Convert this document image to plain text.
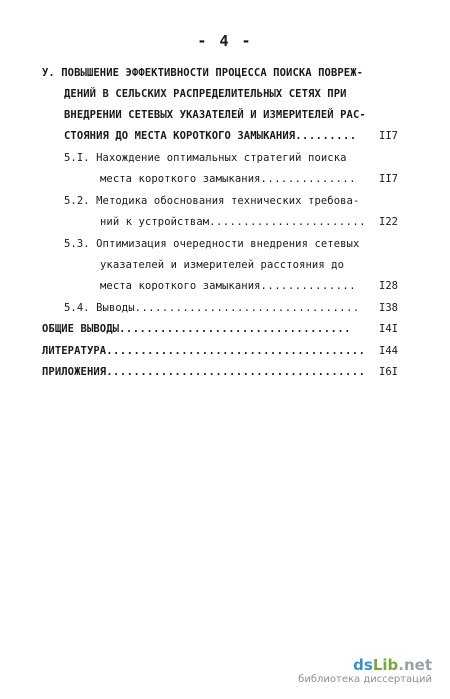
- 4 -
У. ПОВЫШЕНИЕ ЭФФЕКТИВНОСТИ ПРОЦЕССА ПОИСКА ПОВРЕЖ-
ДЕНИЙ В СЕЛЬСКИХ РАСПРЕДЕЛИТЕЛЬНЫХ СЕТЯХ ПРИ
ВНЕДРЕНИИ СЕТЕВЫХ УКАЗАТЕЛЕЙ И ИЗМЕРИТЕЛЕЙ РАС-
СТОЯНИЯ ДО МЕСТА КОРОТКОГО ЗАМЫКАНИЯ.........	II7
5.I. Нахождение оптимальных стратегий поиска
места короткого замыкания..............	II7
5.2. Методика обоснования технических требова-
ний к устройствам.......................	I22
5.3. Оптимизация очередности внедрения сетевых
указателей и измерителей расстояния до
места короткого замыкания..............	I28
5.4. Выводы.................................	I38
ОБЩИЕ ВЫВОДЫ..................................	I4I
ЛИТЕРАТУРА......................................	I44
ПРИЛОЖЕНИЯ......................................	I6I
dsLib.net
библиотека диссертаций
